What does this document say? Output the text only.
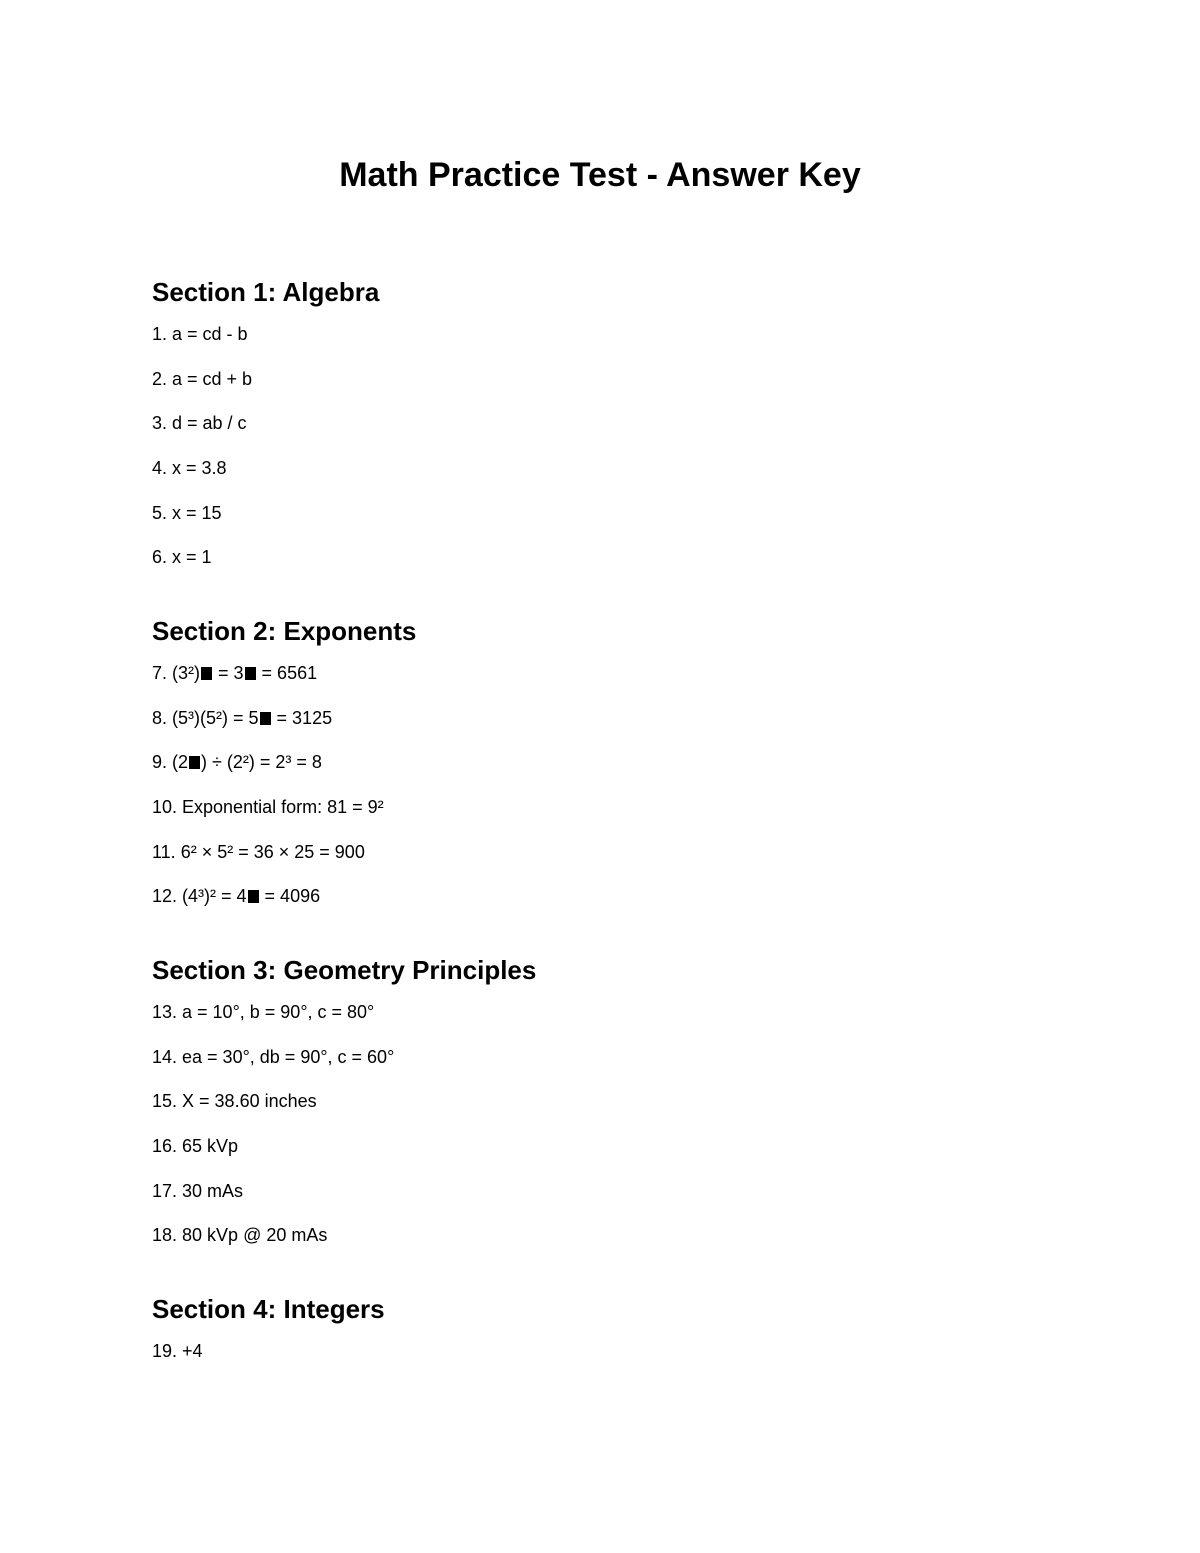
Math Practice Test - Answer Key
Section 1: Algebra

1. a = cd - b

2. a = cd + b

3. d = ab / c

4. x = 3.8

5. x = 15

6. x = 1

Section 2: Exponents

7. (3²) = 3 = 6561

8. (5³)(5²) = 5 = 3125

9. (2 ) ÷ (2²) = 2³ = 8

10. Exponential form: 81 = 9²

11. 6² × 5² = 36 × 25 = 900

12. (4³)² = 4 = 4096

Section 3: Geometry Principles

13. a = 10°, b = 90°, c = 80°

14. ea = 30°, db = 90°, c = 60°

15. X = 38.60 inches

16. 65 kVp

17. 30 mAs

18. 80 kVp @ 20 mAs

Section 4: Integers

19. +4
